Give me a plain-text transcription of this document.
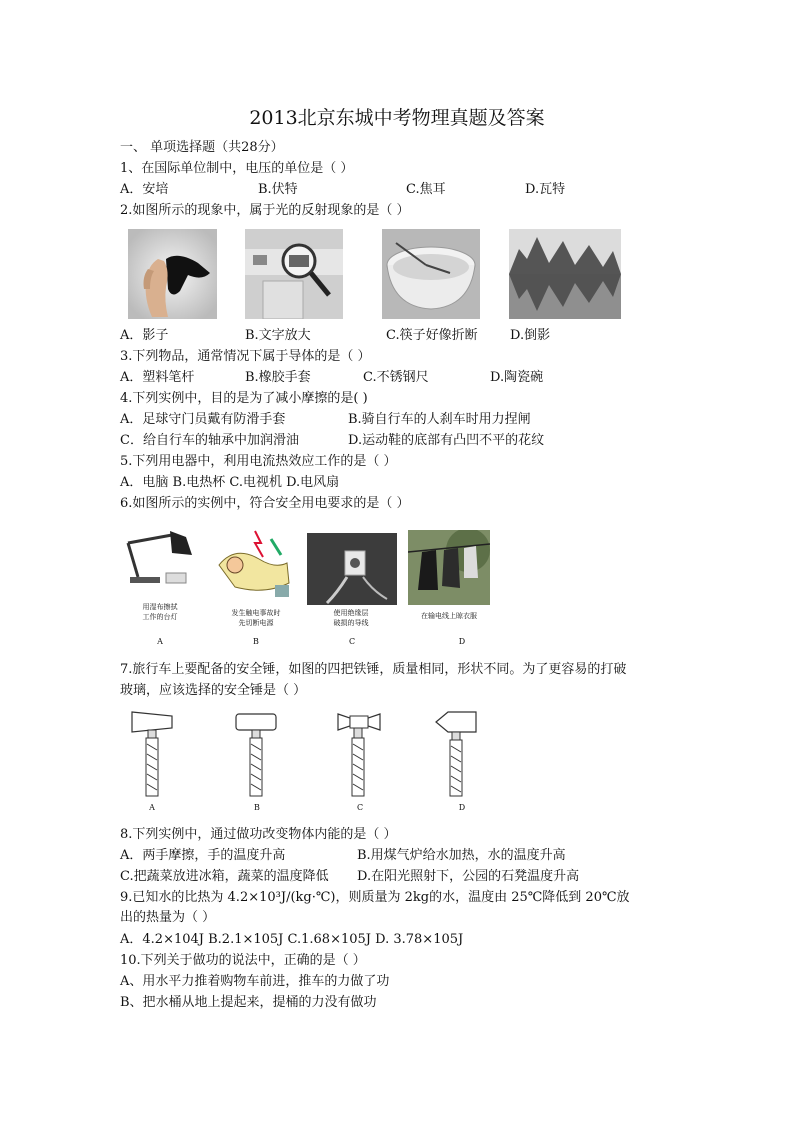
2013北京东城中考物理真题及答案
一、 单项选择题（共28分）
1、在国际单位制中，电压的单位是（ ）
A．安培	B.伏特	C.焦耳	D.瓦特
2.如图所示的现象中，属于光的反射现象的是（ ）
A．影子	B.文字放大	C.筷子好像折断 D.倒影
3.下列物品，通常情况下属于导体的是（ ）
A．塑料笔杆	B.橡胶手套	C.不锈钢尺	D.陶瓷碗
4.下列实例中，目的是为了减小摩擦的是( )
A．足球守门员戴有防滑手套	B.骑自行车的人刹车时用力捏闸
C．给自行车的轴承中加润滑油	D.运动鞋的底部有凸凹不平的花纹
5.下列用电器中，利用电流热效应工作的是（ ）
A．电脑 B.电热杯 C.电视机 D.电风扇
6.如图所示的实例中，符合安全用电要求的是（ ）
用湿布擦拭
工作的台灯
A
发生触电事故时
先切断电源
B
使用绝缘层
破损的导线
C
在输电线上晾衣服
D
7.旅行车上要配备的安全锤，如图的四把铁锤，质量相同，形状不同。为了更容易的打破
玻璃，应该选择的安全锤是（ ）
A	B	C	D
8.下列实例中，通过做功改变物体内能的是（ ）
A．两手摩擦，手的温度升高	B.用煤气炉给水加热，水的温度升高
C.把蔬菜放进冰箱，蔬菜的温度降低 D.在阳光照射下，公园的石凳温度升高
9.已知水的比热为 4.2×10³J/(kg·℃)，则质量为 2kg的水，温度由 25℃降低到 20℃放
出的热量为（ ）
A．4.2×104J B.2.1×105J C.1.68×105J D. 3.78×105J
10.下列关于做功的说法中，正确的是（ ）
A、用水平力推着购物车前进，推车的力做了功
B、把水桶从地上提起来，提桶的力没有做功
